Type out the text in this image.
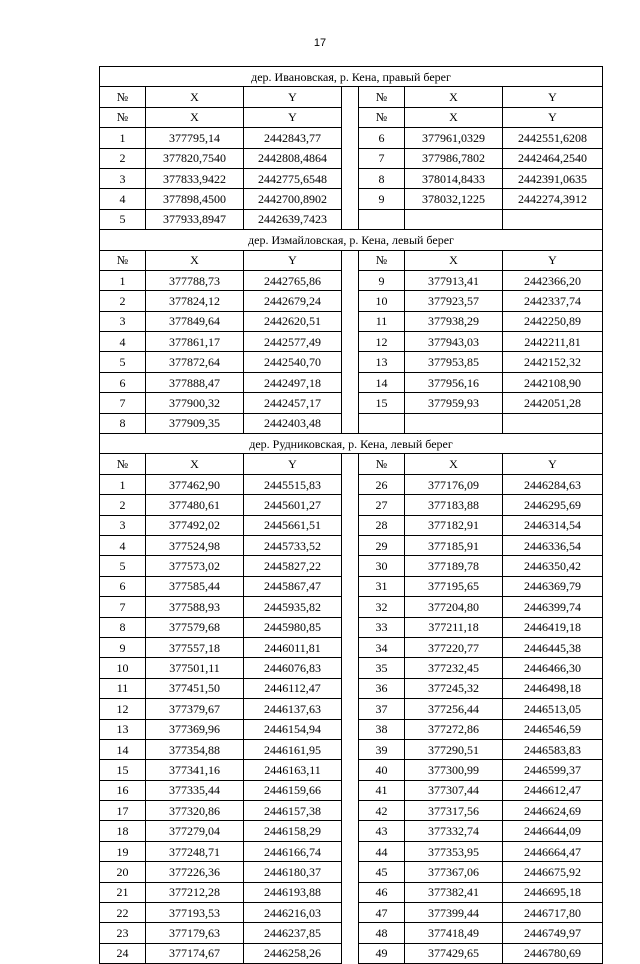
17
дер. Ивановская, р. Кена, правый берег						
№	X	Y		№	X	Y
№	X	Y		№	X	Y
1	377795,14	2442843,77		6	377961,0329	2442551,6208
2	377820,7540	2442808,4864		7	377986,7802	2442464,2540
3	377833,9422	2442775,6548		8	378014,8433	2442391,0635
4	377898,4500	2442700,8902		9	378032,1225	2442274,3912
5	377933,8947	2442639,7423				
дер. Измайловская, р. Кена, левый берег						
№	X	Y		№	X	Y
1	377788,73	2442765,86		9	377913,41	2442366,20
2	377824,12	2442679,24		10	377923,57	2442337,74
3	377849,64	2442620,51		11	377938,29	2442250,89
4	377861,17	2442577,49		12	377943,03	2442211,81
5	377872,64	2442540,70		13	377953,85	2442152,32
6	377888,47	2442497,18		14	377956,16	2442108,90
7	377900,32	2442457,17		15	377959,93	2442051,28
8	377909,35	2442403,48				
дер. Рудниковская, р. Кена, левый берег						
№	X	Y		№	X	Y
1	377462,90	2445515,83		26	377176,09	2446284,63
2	377480,61	2445601,27		27	377183,88	2446295,69
3	377492,02	2445661,51		28	377182,91	2446314,54
4	377524,98	2445733,52		29	377185,91	2446336,54
5	377573,02	2445827,22		30	377189,78	2446350,42
6	377585,44	2445867,47		31	377195,65	2446369,79
7	377588,93	2445935,82		32	377204,80	2446399,74
8	377579,68	2445980,85		33	377211,18	2446419,18
9	377557,18	2446011,81		34	377220,77	2446445,38
10	377501,11	2446076,83		35	377232,45	2446466,30
11	377451,50	2446112,47		36	377245,32	2446498,18
12	377379,67	2446137,63		37	377256,44	2446513,05
13	377369,96	2446154,94		38	377272,86	2446546,59
14	377354,88	2446161,95		39	377290,51	2446583,83
15	377341,16	2446163,11		40	377300,99	2446599,37
16	377335,44	2446159,66		41	377307,44	2446612,47
17	377320,86	2446157,38		42	377317,56	2446624,69
18	377279,04	2446158,29		43	377332,74	2446644,09
19	377248,71	2446166,74		44	377353,95	2446664,47
20	377226,36	2446180,37		45	377367,06	2446675,92
21	377212,28	2446193,88		46	377382,41	2446695,18
22	377193,53	2446216,03		47	377399,44	2446717,80
23	377179,63	2446237,85		48	377418,49	2446749,97
24	377174,67	2446258,26		49	377429,65	2446780,69
